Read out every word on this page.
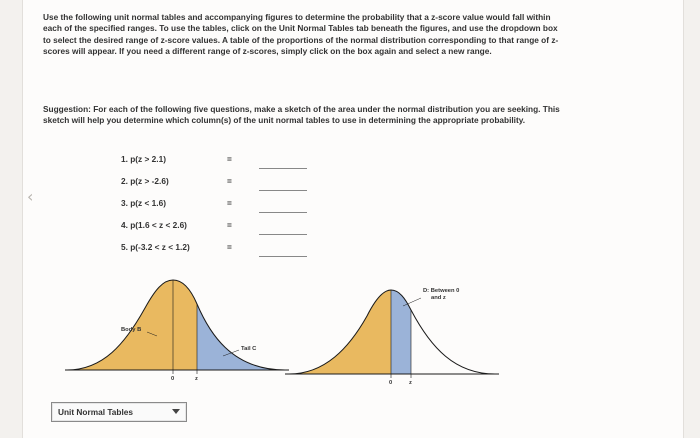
‹

Use the following unit normal tables and accompanying figures to determine the probability that a z-score value would fall within each of the specified ranges. To use the tables, click on the Unit Normal Tables tab beneath the figures, and use the dropdown box to select the desired range of z-score values. A table of the proportions of the normal distribution corresponding to that range of z-scores will appear. If you need a different range of z-scores, simply click on the box again and select a new range.

Suggestion: For each of the following five questions, make a sketch of the area under the normal distribution you are seeking. This sketch will help you determine which column(s) of the unit normal tables to use in determining the appropriate probability.

1. p(z > 2.1)	=
2. p(z > -2.6)	=
3. p(z < 1.6)	=
4. p(1.6 < z < 2.6)	=
5. p(-3.2 < z < 1.2)	=
Body B
Tail C
0	z
D: Between 0
and z
0	z
Unit Normal Tables
